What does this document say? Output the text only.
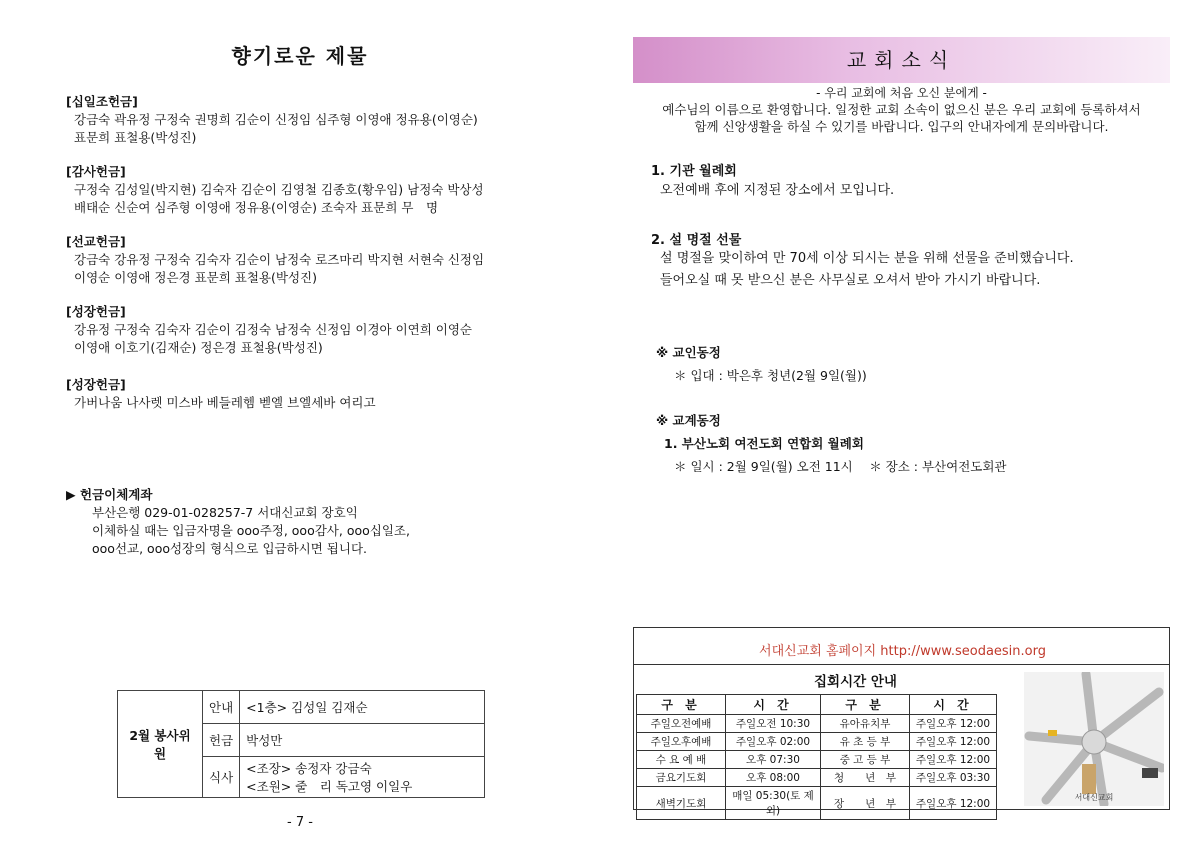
향기로운 제물
[십일조헌금]
강금숙 곽유정 구정숙 권명희 김순이 신정임 심주형 이영애 정유용(이영순)
표문희 표철용(박성진)
[감사헌금]
구정숙 김성일(박지현) 김숙자 김순이 김영철 김종호(황우임) 남정숙 박상성
배태순 신순여 심주형 이영애 정유용(이영순) 조숙자 표문희 무　명
[선교헌금]
강금숙 강유정 구정숙 김숙자 김순이 남정숙 로즈마리 박지현 서현숙 신정임
이영순 이영애 정은경 표문희 표철용(박성진)
[성장헌금]
강유정 구정숙 김숙자 김순이 김정숙 남정숙 신정임 이경아 이연희 이영순
이영애 이호기(김재순) 정은경 표철용(박성진)
[성장헌금]
가버나움 나사렛 미스바 베들레헴 벧엘 브엘세바 여리고
▶ 헌금이체계좌
부산은행 029-01-028257-7 서대신교회 장호익
이체하실 때는 입금자명을 ooo주정, ooo감사, ooo십일조,
ooo선교, ooo성장의 형식으로 입금하시면 됩니다.
2월 봉사위원	안내	<1층> 김성일 김재순
	헌금	박성만
	식사	<조장> 송정자 강금숙
		<조원> 줄　리 독고영 이일우
- 7 -
교회소식
- 우리 교회에 처음 오신 분에게 -
예수님의 이름으로 환영합니다. 일정한 교회 소속이 없으신 분은 우리 교회에 등록하셔서
함께 신앙생활을 하실 수 있기를 바랍니다. 입구의 안내자에게 문의바랍니다.
1. 기관 월례회
오전예배 후에 지정된 장소에서 모입니다.
2. 설 명절 선물
설 명절을 맞이하여 만 70세 이상 되시는 분을 위해 선물을 준비했습니다.
들어오실 때 못 받으신 분은 사무실로 오셔서 받아 가시기 바랍니다.
※ 교인동정
＊ 입대 : 박은후 청년(2월 9일(월))
※ 교계동정
1. 부산노회 여전도회 연합회 월례회
＊ 일시 : 2월 9일(월) 오전 11시　 ＊ 장소 : 부산여전도회관
서대신교회 홈페이지 http://www.seodaesin.org
집회시간 안내
구 분	시 간	구 분	시 간
주일오전예배	주일오전 10:30	유아유치부	주일오후 12:00
주일오후예배	주일오후 02:00	유 초 등 부	주일오후 12:00
수 요 예 배	오후 07:30	중 고 등 부	주일오후 12:00
금요기도회	오후 08:00	청　　년　부	주일오후 03:30
새벽기도회	매일 05:30(토 제외)	장　　년　부	주일오후 12:00	서대신교회
